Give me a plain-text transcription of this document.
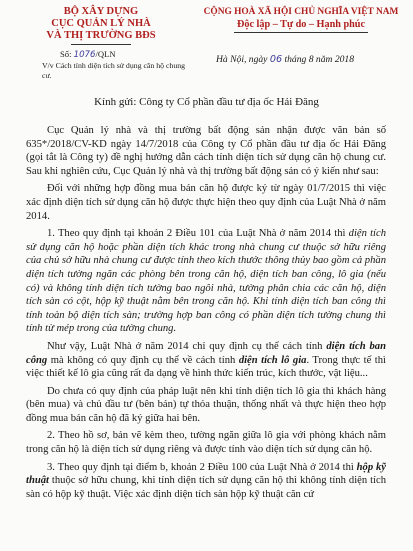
BỘ XÂY DỰNG
CỤC QUẢN LÝ NHÀ
VÀ THỊ TRƯỜNG BĐS
CỘNG HOÀ XÃ HỘI CHỦ NGHĨA VIỆT NAM
Độc lập – Tự do – Hạnh phúc
Số: 1076/QLN
V/v Cách tính diện tích sử dụng căn hộ chung cư.
Hà Nội, ngày 06 tháng 8 năm 2018
Kính gửi: Công ty Cổ phần đầu tư địa ốc Hải Đăng

Cục Quản lý nhà và thị trường bất động sản nhận được văn bản số 635*/2018/CV-KD ngày 14/7/2018 của Công ty Cổ phần đầu tư địa ốc Hải Đăng (gọi tắt là Công ty) đề nghị hướng dẫn cách tính diện tích sử dụng căn hộ chung cư. Sau khi nghiên cứu, Cục Quản lý nhà và thị trường bất động sản có ý kiến như sau:

Đối với những hợp đồng mua bán căn hộ được ký từ ngày 01/7/2015 thì việc xác định diện tích sử dụng căn hộ được thực hiện theo quy định của Luật Nhà ở năm 2014.

1. Theo quy định tại khoản 2 Điều 101 của Luật Nhà ở năm 2014 thì diện tích sử dụng căn hộ hoặc phần diện tích khác trong nhà chung cư thuộc sở hữu riêng của chủ sở hữu nhà chung cư được tính theo kích thước thông thủy bao gồm cả phần diện tích tường ngăn các phòng bên trong căn hộ, diện tích ban công, lô gia (nếu có) và không tính diện tích tường bao ngôi nhà, tường phân chia các căn hộ, diện tích sàn có cột, hộp kỹ thuật nằm bên trong căn hộ. Khi tính diện tích ban công thì tính toàn bộ diện tích sàn; trường hợp ban công có phần diện tích tường chung thì tính từ mép trong của tường chung.

Như vậy, Luật Nhà ở năm 2014 chỉ quy định cụ thể cách tính diện tích ban công mà không có quy định cụ thể về cách tính diện tích lô gia. Trong thực tế thì việc thiết kế lô gia cũng rất đa dạng về hình thức kiến trúc, kích thước, vật liệu...

Do chưa có quy định của pháp luật nên khi tính diện tích lô gia thì khách hàng (bên mua) và chủ đầu tư (bên bán) tự thỏa thuận, thống nhất và thực hiện theo hợp đồng mua bán căn hộ đã ký giữa hai bên.

2. Theo hồ sơ, bản vẽ kèm theo, tường ngăn giữa lô gia với phòng khách nằm trong căn hộ là diện tích sử dụng riêng và được tính vào diện tích sử dụng căn hộ.

3. Theo quy định tại điểm b, khoản 2 Điều 100 của Luật Nhà ở 2014 thì hộp kỹ thuật thuộc sở hữu chung, khi tính diện tích sử dụng căn hộ thì không tính diện tích sàn có hộp kỹ thuật. Việc xác định diện tích sàn hộp kỹ thuật căn cứ
